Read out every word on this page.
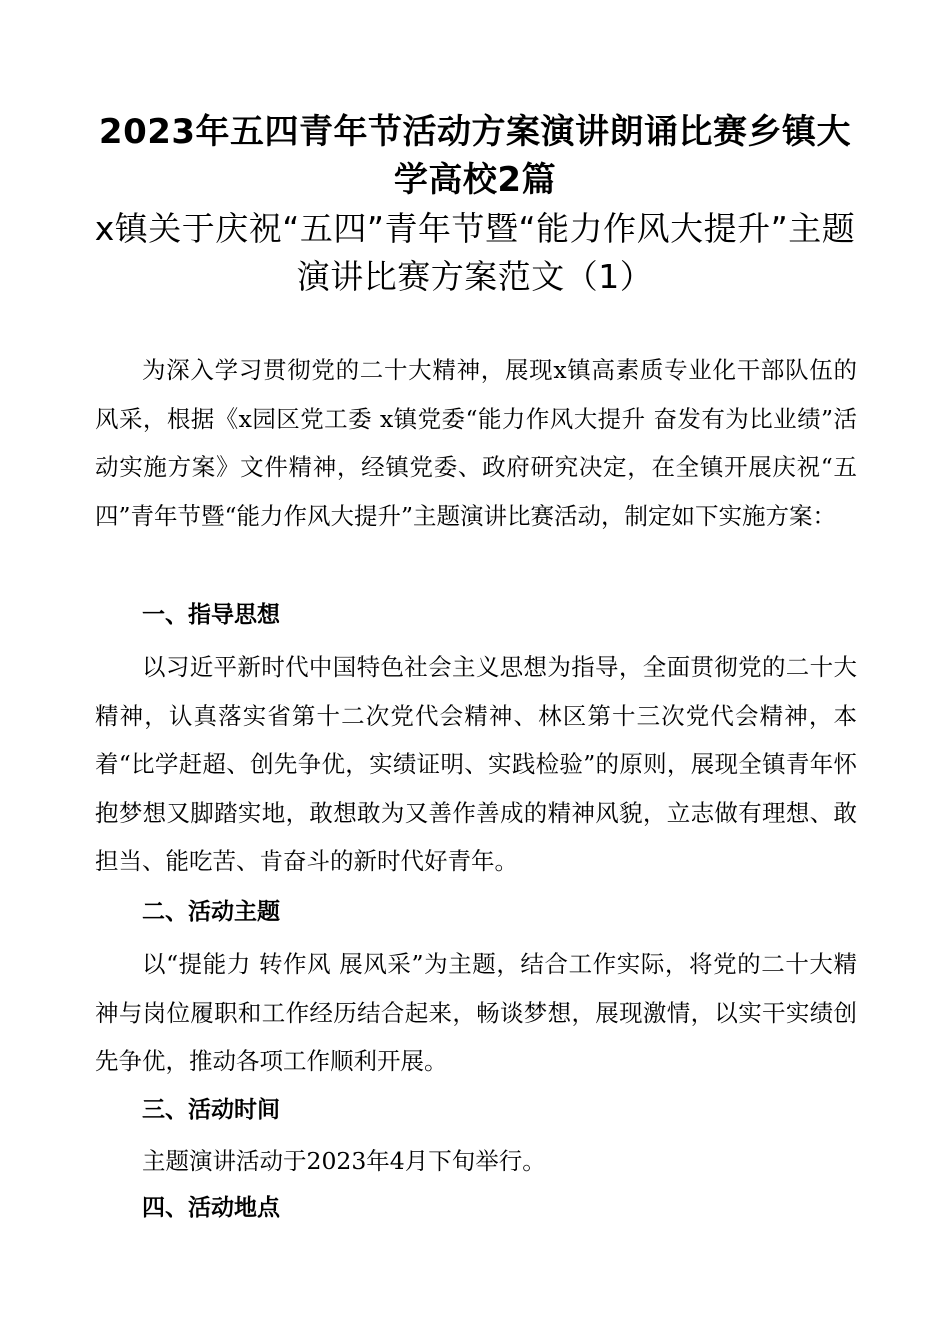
2023年五四青年节活动方案演讲朗诵比赛乡镇大学高校2篇
x镇关于庆祝“五四”青年节暨“能力作风大提升”主题演讲比赛方案范文（1）

为深入学习贯彻党的二十大精神，展现x镇高素质专业化干部队伍的风采，根据《x园区党工委 x镇党委“能力作风大提升 奋发有为比业绩”活动实施方案》文件精神，经镇党委、政府研究决定，在全镇开展庆祝“五四”青年节暨“能力作风大提升”主题演讲比赛活动，制定如下实施方案：

一、指导思想

以习近平新时代中国特色社会主义思想为指导，全面贯彻党的二十大精神，认真落实省第十二次党代会精神、林区第十三次党代会精神，本着“比学赶超、创先争优，实绩证明、实践检验”的原则，展现全镇青年怀抱梦想又脚踏实地，敢想敢为又善作善成的精神风貌，立志做有理想、敢担当、能吃苦、肯奋斗的新时代好青年。

二、活动主题

以“提能力 转作风 展风采”为主题，结合工作实际，将党的二十大精神与岗位履职和工作经历结合起来，畅谈梦想，展现激情，以实干实绩创先争优，推动各项工作顺利开展。

三、活动时间

主题演讲活动于2023年4月下旬举行。

四、活动地点
